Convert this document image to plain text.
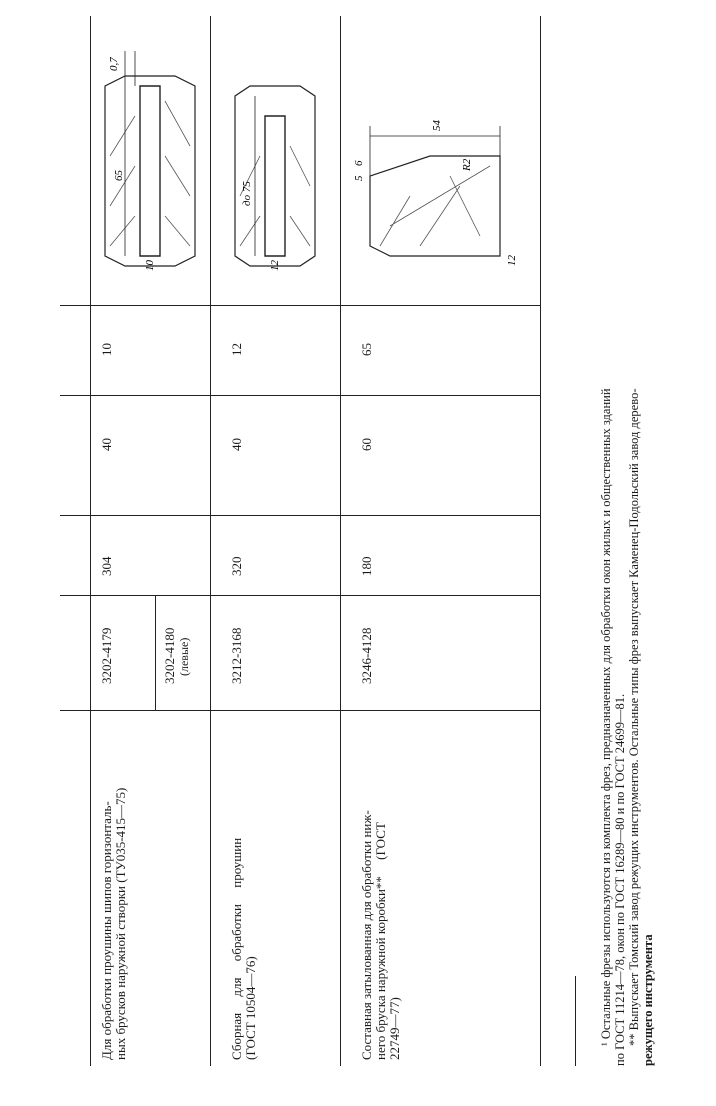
Для обработки проушины шипов горизонталь- ных брусков наружной створки (ТУ035-415—75)
3202-4179	3202-4180 (левые)
304
40
10
Сборная     для     обработки     проушин (ГОСТ 10504—76)
3212-3168
320
40
12
Составная затылованная для обработки ниж- него бруска наружной коробки**     (ГОСТ 22749—77)
3246-4128
180
60
65
0,7
65
10
до 75
12
5
6
12
R2
54
¹ Остальные фрезы используются из комплекта фрез, предназначенных для обработки окон жилых и общественных зданий по ГОСТ 11214—78, окон по ГОСТ 16289—80 и по ГОСТ 24699—81. ** Выпускает Томский завод режущих инструментов. Остальные типы фрез выпускает Каменец-Подольский завод деревo- режущего инструмента
